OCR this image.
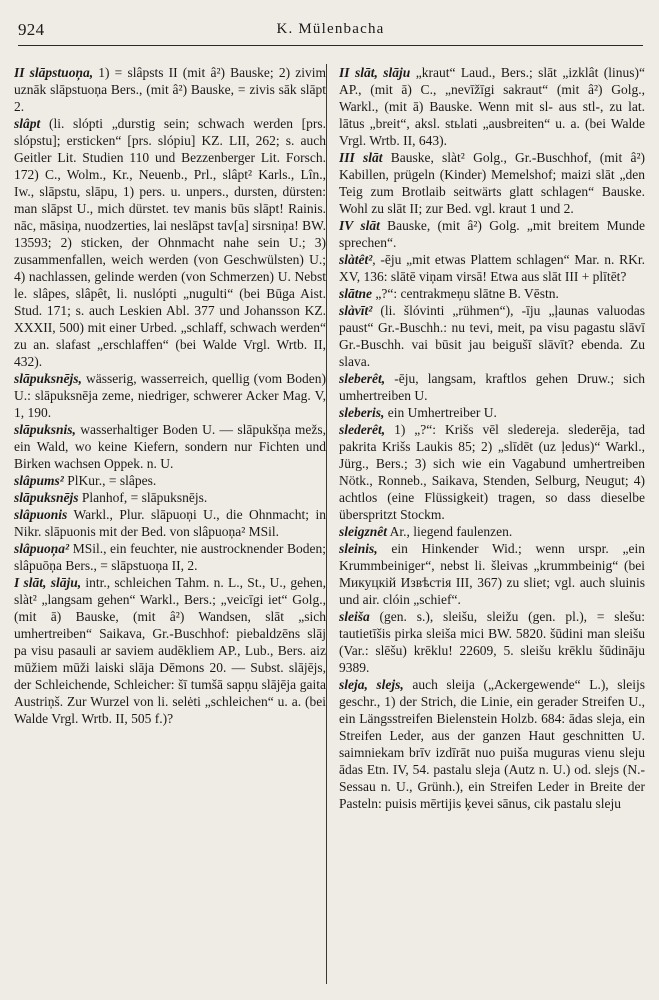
924	K. Mülenbacha

II slāpstuoņa, 1) = slâpsts II (mit â²) Bauske; 2) zivim uznāk slāpstuoņa Bers., (mit â²) Bauske, = zivis sāk slāpt 2.

slâpt (li. slópti „durstig sein; schwach werden [prs. slópstu]; ersticken“ [prs. slópiu] KZ. LII, 262; s. auch Geitler Lit. Studien 110 und Bezzenberger Lit. Forsch. 172) C., Wolm., Kr., Neuenb., Prl., slâpt² Karls., Lîn., Iw., slāpstu, slāpu, 1) pers. u. unpers., dursten, dürsten: man slāpst U., mich dürstet. tev manis būs slāpt! Rainis. nāc, māsiņa, nuodzerties, lai neslāpst tav[a] sirsniņa! BW. 13593; 2) sticken, der Ohnmacht nahe sein U.; 3) zusammenfallen, weich werden (von Geschwülsten) U.; 4) nachlassen, gelinde werden (von Schmerzen) U. Nebst le. slâpes, slâpêt, li. nuslópti „nugulti“ (bei Būga Aist. Stud. 171; s. auch Leskien Abl. 377 und Johansson KZ. XXXII, 500) mit einer Urbed. „schlaff, schwach werden“ zu an. slafast „erschlaffen“ (bei Walde Vrgl. Wrtb. II, 432).

slāpuksnējs, wässerig, wasserreich, quellig (vom Boden) U.: slāpuksnēja zeme, niedriger, schwerer Acker Mag. V, 1, 190.

slāpuksnis, wasserhaltiger Boden U. — slāpukšņa mežs, ein Wald, wo keine Kiefern, sondern nur Fichten und Birken wachsen Oppek. n. U.

slâpums² PlKur., = slâpes.

slāpuksnējs Planhof, = slāpuksnējs.

slâpuonis Warkl., Plur. slāpuoņi U., die Ohnmacht; in Nikr. slāpuonis mit der Bed. von slâpuoņa² MSil.

slâpuoņa² MSil., ein feuchter, nie austrocknender Boden; slâpuōņa Bers., = slāpstuoņa II, 2.

I slāt, slāju, intr., schleichen Tahm. n. L., St., U., gehen, slàt² „langsam gehen“ Warkl., Bers.; „veicīgi iet“ Golg., (mit ā) Bauske, (mit â²) Wandsen, slāt „sich umhertreiben“ Saikava, Gr.-Buschhof: piebaldzēns slāj pa visu pasauli ar saviem audēkliem AP., Lub., Bers. aiz mūžiem mūži laiski slāja Dēmons 20. — Subst. slājējs, der Schleichende, Schleicher: šī tumšā sapņu slājēja gaita Austriņš. Zur Wurzel von li. selėti „schleichen“ u. a. (bei Walde Vrgl. Wrtb. II, 505 f.)?

II slāt, slāju „kraut“ Laud., Bers.; slāt „izklât (linus)“ AP., (mit ā) C., „nevīžīgi sakraut“ (mit â²) Golg., Warkl., (mit ā) Bauske. Wenn mit sl- aus stl-, zu lat. lātus „breit“, aksl. stьlati „ausbreiten“ u. a. (bei Walde Vrgl. Wrtb. II, 643).

III slāt Bauske, slàt² Golg., Gr.-Buschhof, (mit â²) Kabillen, prügeln (Kinder) Memelshof; maizi slāt „den Teig zum Brotlaib seitwärts glatt schlagen“ Bauske. Wohl zu slāt II; zur Bed. vgl. kraut 1 und 2.

IV slāt Bauske, (mit â²) Golg. „mit breitem Munde sprechen“.

slàtêt², -ēju „mit etwas Plattem schlagen“ Mar. n. RKr. XV, 136: slātē viņam virsā! Etwa aus slāt III + plītēt?

slātne „?“: centrakmeņu slātne B. Vēstn.

slàvīt² (li. šlóvinti „rühmen“), -īju „ļaunas valuodas paust“ Gr.-Buschh.: nu tevi, meit, pa visu pagastu slāvī Gr.-Buschh. vai būsit jau beigušī slāvīt? ebenda. Zu slava.

sleberêt, -ēju, langsam, kraftlos gehen Druw.; sich umhertreiben U.

sleberis, ein Umhertreiber U.

slederêt, 1) „?“: Krišs vēl sledereja. slederēja, tad pakrita Krišs Laukis 85; 2) „slīdēt (uz ļedus)“ Warkl., Jürg., Bers.; 3) sich wie ein Vagabund umhertreiben Nötk., Ronneb., Saikava, Stenden, Selburg, Neugut; 4) achtlos (eine Flüssigkeit) tragen, so dass dieselbe überspritzt Stockm.

sleigznêt Ar., liegend faulenzen.

sleinis, ein Hinkender Wid.; wenn urspr. „ein Krummbeiniger“, nebst li. šleivas „krummbeinig“ (bei Микуцкiй Извѣстiя III, 367) zu sliet; vgl. auch sluinis und air. clóin „schief“.

sleiša (gen. s.), sleišu, sleižu (gen. pl.), = slešu: tautietīšis pirka sleiša mici BW. 5820. šūdini man sleišu (Var.: slēšu) krēklu! 22609, 5. sleišu krēklu šūdināju 9389.

sleja, slejs, auch sleija („Ackergewende“ L.), sleijs geschr., 1) der Strich, die Linie, ein gerader Streifen U., ein Längsstreifen Bielenstein Holzb. 684: ādas sleja, ein Streifen Leder, aus der ganzen Haut geschnitten U. saimniekam brīv izdīrāt nuo puiša muguras vienu sleju ādas Etn. IV, 54. pastalu sleja (Autz n. U.) od. slejs (N.-Sessau n. U., Grünh.), ein Streifen Leder in Breite der Pasteln: puisis mērtijis ķevei sānus, cik pastalu sleju
